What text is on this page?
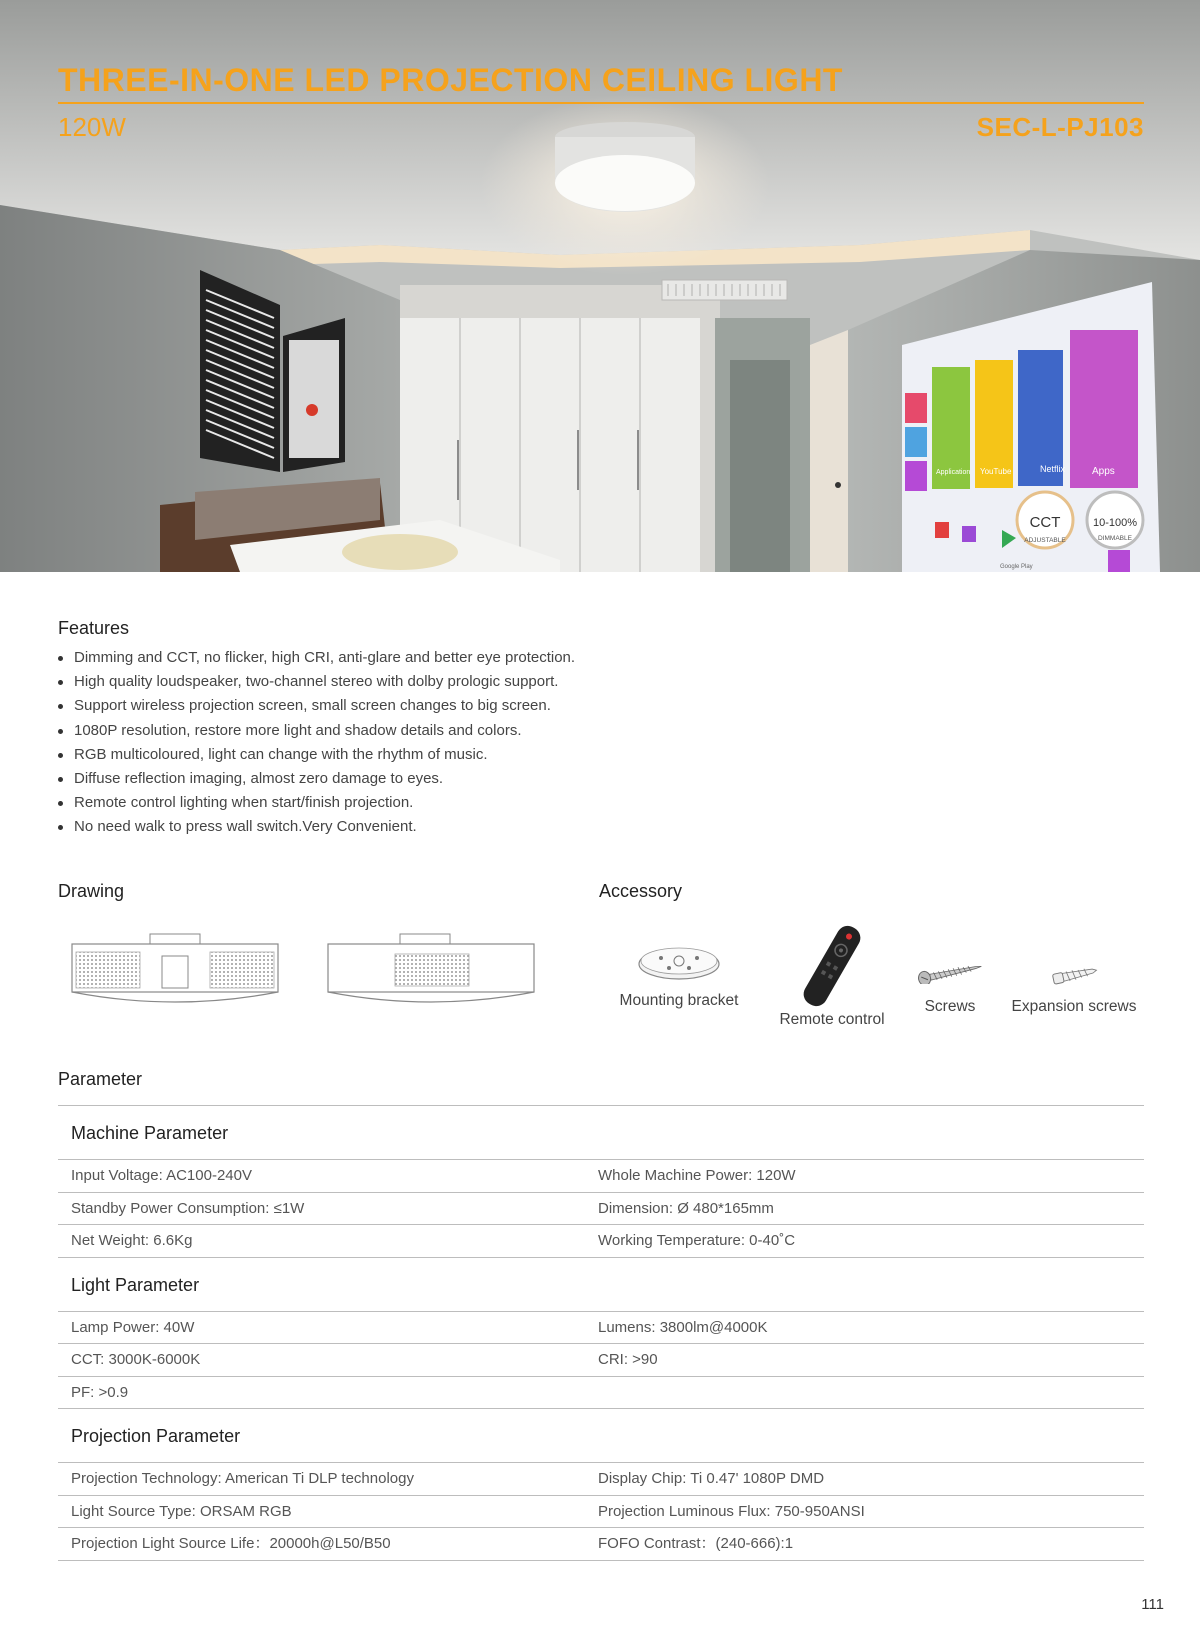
Netflix	Apps
YouTube
Application
Google Play
CCT
ADJUSTABLE
10-100%
DIMMABLE
THREE-IN-ONE LED PROJECTION CEILING LIGHT
120W	SEC-L-PJ103
Features
Dimming and CCT, no flicker, high CRI, anti-glare and better eye protection.
High quality loudspeaker, two-channel stereo with dolby prologic support.
Support wireless projection screen, small screen changes to big screen.
1080P resolution, restore more light and shadow details and colors.
RGB multicoloured, light can change with the rhythm of music.
Diffuse reflection imaging, almost zero damage to eyes.
Remote control lighting when start/finish projection.
No need walk to press wall switch.Very Convenient.
Drawing	Accessory
Mounting bracket
Remote control
Screws	Expansion screws
Parameter
Machine Parameter
Input Voltage: AC100-240V	Whole Machine Power: 120W
Standby Power Consumption: ≤1W	Dimension: Ø 480*165mm
Net Weight: 6.6Kg	Working Temperature: 0-40˚C
Light Parameter
Lamp Power: 40W	Lumens: 3800lm@4000K
CCT: 3000K-6000K	CRI: >90
PF: >0.9
Projection Parameter
Projection Technology: American Ti DLP technology	Display Chip: Ti 0.47' 1080P DMD
Light Source Type: ORSAM RGB	Projection Luminous Flux: 750-950ANSI
Projection Light Source Life：20000h@L50/B50	FOFO Contrast：(240-666):1
111
